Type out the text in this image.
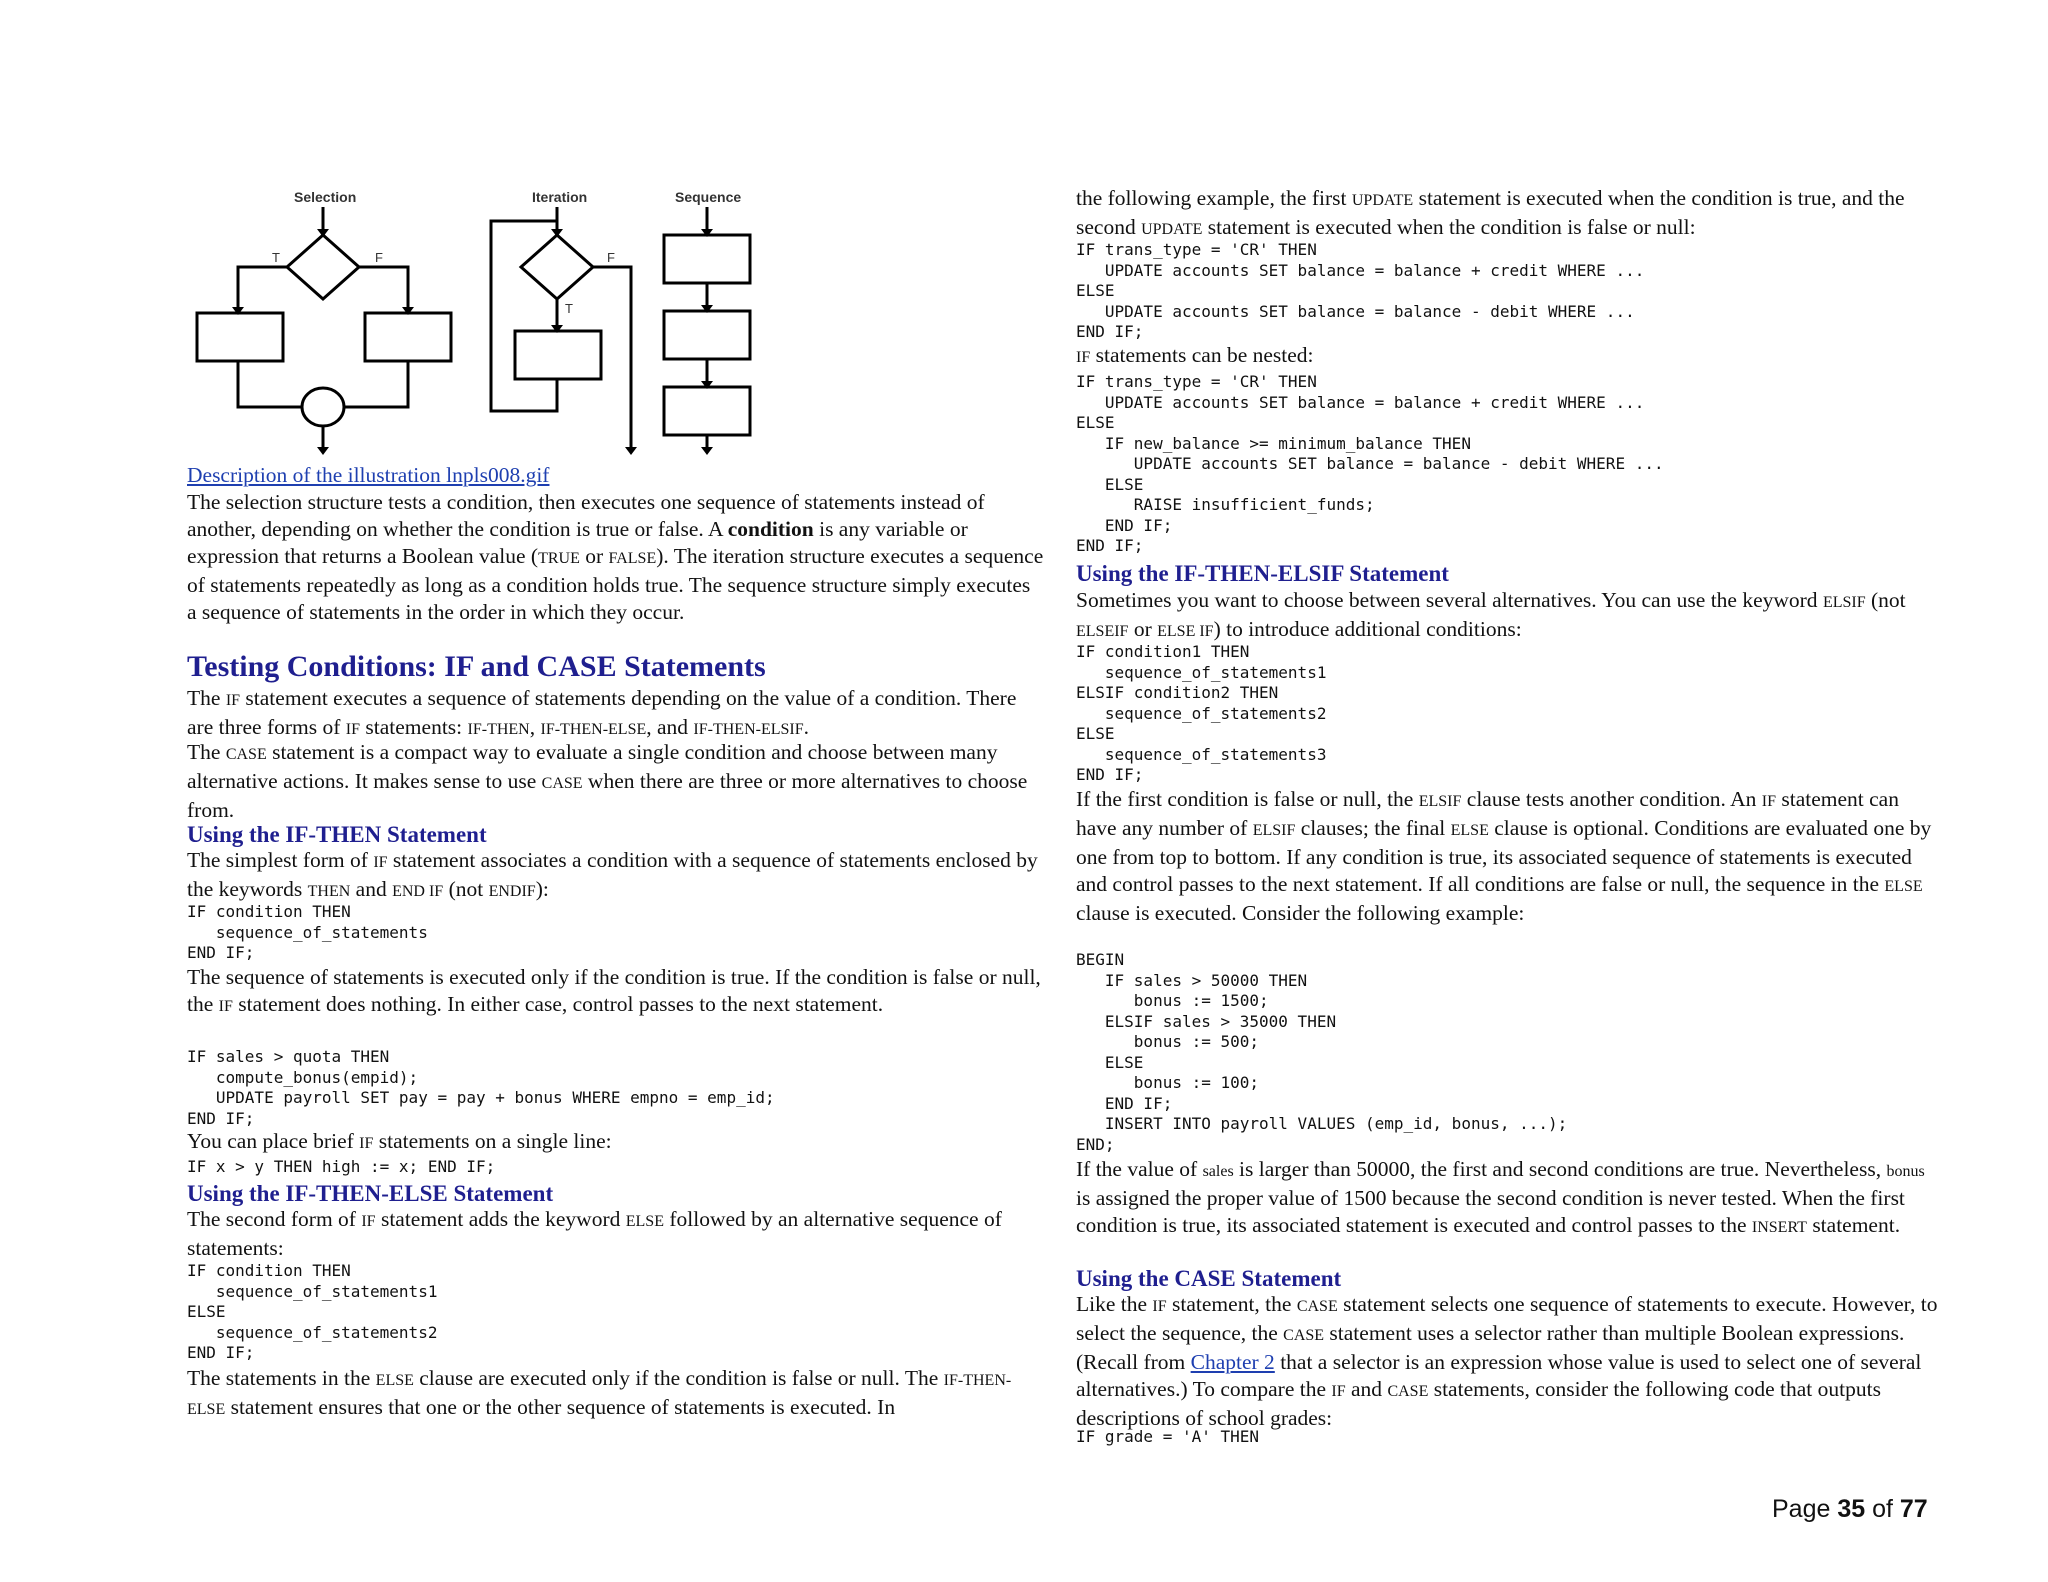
Selection	Iteration	Sequence
T	F	F
T

Description of the illustration lnpls008.gif

The selection structure tests a condition, then executes one sequence of statements instead of another, depending on whether the condition is true or false. A condition is any variable or expression that returns a Boolean value (TRUE or FALSE). The iteration structure executes a sequence of statements repeatedly as long as a condition holds true. The sequence structure simply executes a sequence of statements in the order in which they occur.

Testing Conditions: IF and CASE Statements

The IF statement executes a sequence of statements depending on the value of a condition. There are three forms of IF statements: IF-THEN, IF-THEN-ELSE, and IF-THEN-ELSIF.

The CASE statement is a compact way to evaluate a single condition and choose between many alternative actions. It makes sense to use CASE when there are three or more alternatives to choose from.

Using the IF-THEN Statement

The simplest form of IF statement associates a condition with a sequence of statements enclosed by the keywords THEN and END IF (not ENDIF):

IF condition THEN
sequence_of_statements
END IF;

The sequence of statements is executed only if the condition is true. If the condition is false or null, the IF statement does nothing. In either case, control passes to the next statement.

IF sales > quota THEN
compute_bonus(empid);
UPDATE payroll SET pay = pay + bonus WHERE empno = emp_id;
END IF;

You can place brief IF statements on a single line:

IF x > y THEN high := x; END IF;

Using the IF-THEN-ELSE Statement

The second form of IF statement adds the keyword ELSE followed by an alternative sequence of statements:

IF condition THEN
sequence_of_statements1
ELSE
sequence_of_statements2
END IF;

The statements in the ELSE clause are executed only if the condition is false or null. The IF-THEN-ELSE statement ensures that one or the other sequence of statements is executed. In

the following example, the first UPDATE statement is executed when the condition is true, and the second UPDATE statement is executed when the condition is false or null:

IF trans_type = 'CR' THEN
UPDATE accounts SET balance = balance + credit WHERE ...
ELSE
UPDATE accounts SET balance = balance - debit WHERE ...
END IF;

IF statements can be nested:

IF trans_type = 'CR' THEN
UPDATE accounts SET balance = balance + credit WHERE ...
ELSE
IF new_balance >= minimum_balance THEN
UPDATE accounts SET balance = balance - debit WHERE ...
ELSE
RAISE insufficient_funds;
END IF;
END IF;

Using the IF-THEN-ELSIF Statement

Sometimes you want to choose between several alternatives. You can use the keyword ELSIF (not ELSEIF or ELSE IF) to introduce additional conditions:

IF condition1 THEN
sequence_of_statements1
ELSIF condition2 THEN
sequence_of_statements2
ELSE
sequence_of_statements3
END IF;

If the first condition is false or null, the ELSIF clause tests another condition. An IF statement can have any number of ELSIF clauses; the final ELSE clause is optional. Conditions are evaluated one by one from top to bottom. If any condition is true, its associated sequence of statements is executed and control passes to the next statement. If all conditions are false or null, the sequence in the ELSE clause is executed. Consider the following example:

BEGIN
IF sales > 50000 THEN
bonus := 1500;
ELSIF sales > 35000 THEN
bonus := 500;
ELSE
bonus := 100;
END IF;
INSERT INTO payroll VALUES (emp_id, bonus, ...);
END;

If the value of sales is larger than 50000, the first and second conditions are true. Nevertheless, bonus is assigned the proper value of 1500 because the second condition is never tested. When the first condition is true, its associated statement is executed and control passes to the INSERT statement.

Using the CASE Statement

Like the IF statement, the CASE statement selects one sequence of statements to execute. However, to select the sequence, the CASE statement uses a selector rather than multiple Boolean expressions. (Recall from Chapter 2 that a selector is an expression whose value is used to select one of several alternatives.) To compare the IF and CASE statements, consider the following code that outputs descriptions of school grades:

IF grade = 'A' THEN
Page 35 of 77
